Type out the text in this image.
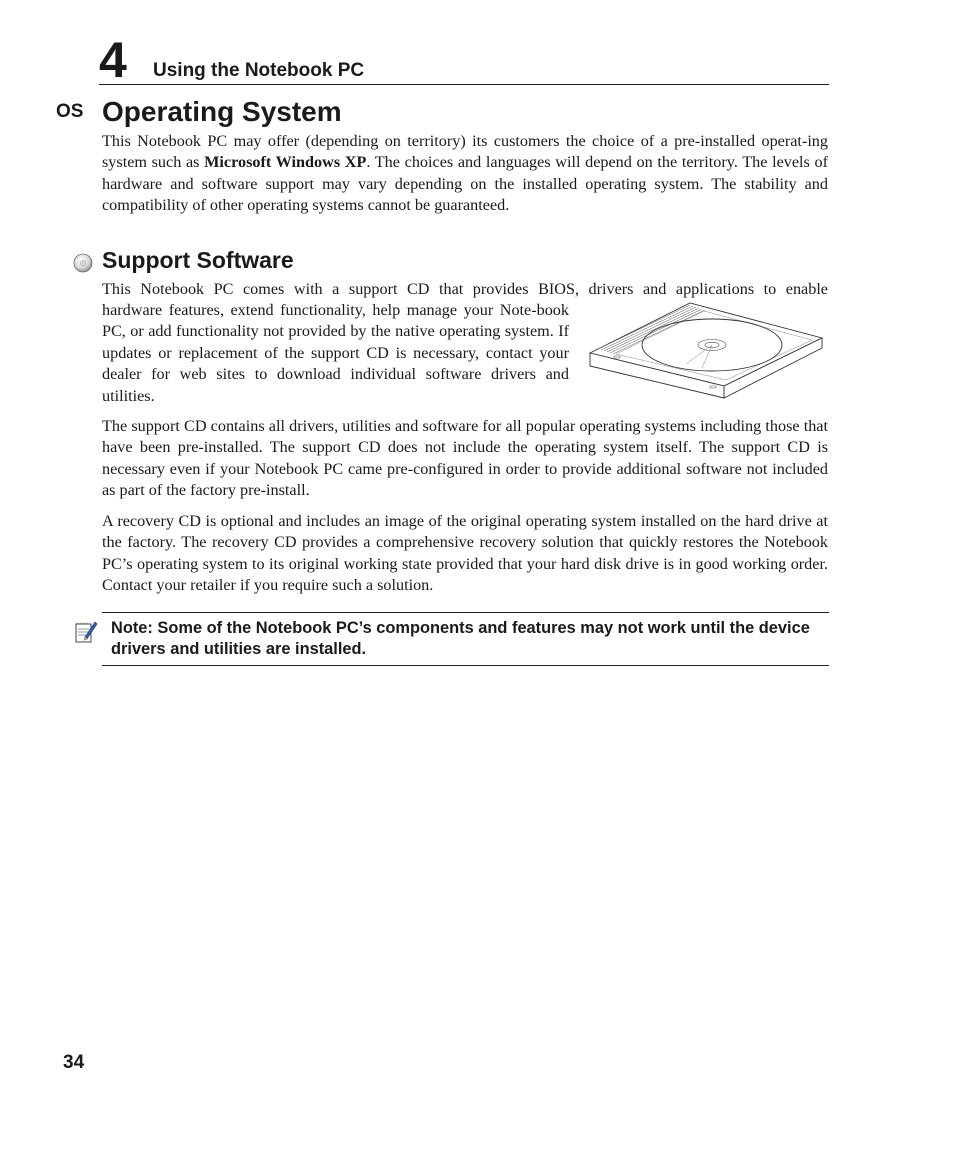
4 Using the Notebook PC
OS Operating System
This Notebook PC may offer (depending on territory) its customers the choice of a pre-installed operat-ing system such as Microsoft Windows XP. The choices and languages will depend on the territory. The levels of hardware and software support may vary depending on the installed operating system. The stability and compatibility of other operating systems cannot be guaranteed.
Support Software
This Notebook PC comes with a support CD that provides BIOS, drivers and applications to enable
hardware features, extend functionality, help manage your Note-book PC, or add functionality not provided by the native operating system. If updates or replacement of the support CD is necessary, contact your dealer for web sites to download individual software drivers and utilities.
The support CD contains all drivers, utilities and software for all popular operating systems including those that have been pre-installed. The support CD does not include the operating system itself. The support CD is necessary even if your Notebook PC came pre-configured in order to provide additional software not included as part of the factory pre-install.
A recovery CD is optional and includes an image of the original operating system installed on the hard drive at the factory. The recovery CD provides a comprehensive recovery solution that quickly restores the Notebook PC’s operating system to its original working state provided that your hard disk drive is in good working order. Contact your retailer if you require such a solution.
Note: Some of the Notebook PC’s components and features may not work until the device drivers and utilities are installed.
34
